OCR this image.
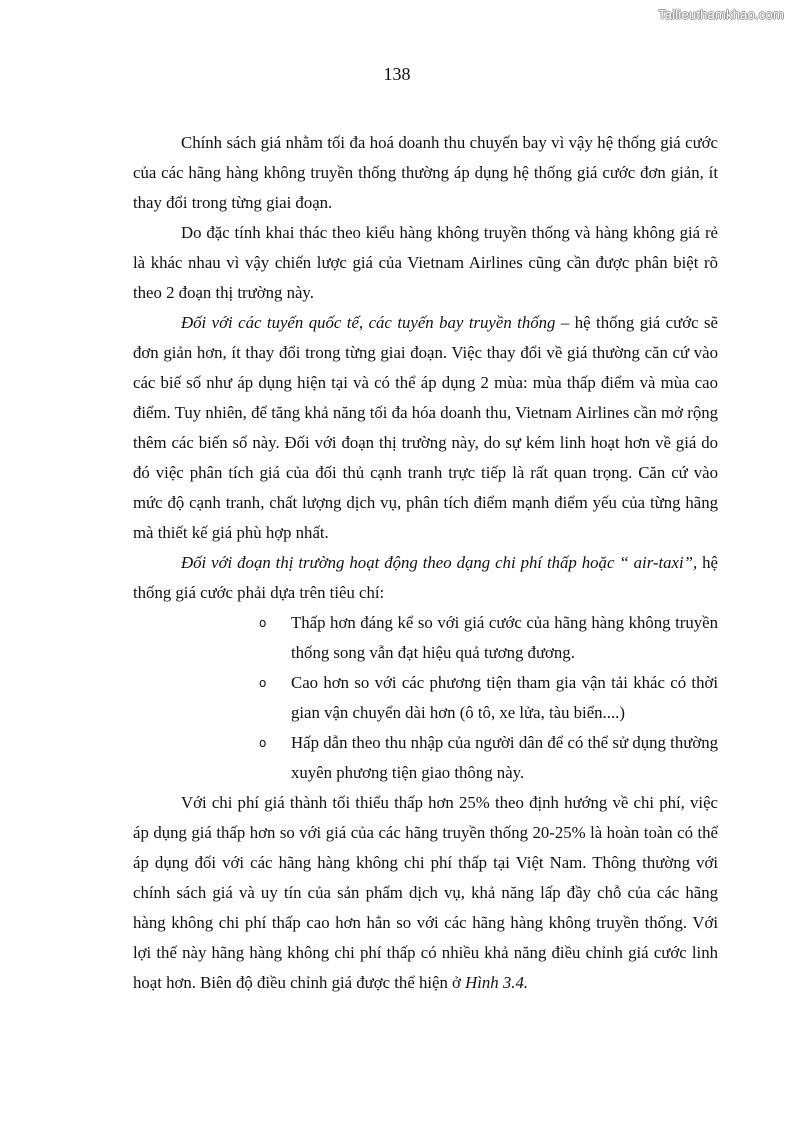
Tailieuthamkhao.com
138

Chính sách giá nhằm tối đa hoá doanh thu chuyến bay vì vậy hệ thống giá cước của các hãng hàng không truyền thống thường áp dụng hệ thống giá cước đơn giản, ít thay đổi trong từng giai đoạn.

Do đặc tính khai thác theo kiểu hàng không truyền thống và hàng không giá rẻ là khác nhau vì vậy chiến lược giá của Vietnam Airlines cũng cần được phân biệt rõ theo 2 đoạn thị trường này.

Đối với các tuyến quốc tế, các tuyến bay truyền thống – hệ thống giá cước sẽ đơn giản hơn, ít thay đổi trong từng giai đoạn. Việc thay đổi về giá thường căn cứ vào các biế số như áp dụng hiện tại và có thể áp dụng 2 mùa: mùa thấp điểm và mùa cao điểm. Tuy nhiên, để tăng khả năng tối đa hóa doanh thu, Vietnam Airlines cần mở rộng thêm các biến số này. Đối với đoạn thị trường này, do sự kém linh hoạt hơn về giá do đó việc phân tích giá của đối thủ cạnh tranh trực tiếp là rất quan trọng. Căn cứ vào mức độ cạnh tranh, chất lượng dịch vụ, phân tích điểm mạnh điểm yếu của từng hãng mà thiết kế giá phù hợp nhất.

Đối với đoạn thị trường hoạt động theo dạng chi phí thấp hoặc “ air-taxi”, hệ thống giá cước phải dựa trên tiêu chí:

o Thấp hơn đáng kể so với giá cước của hãng hàng không truyền thống song vẫn đạt hiệu quả tương đương.
o Cao hơn so với các phương tiện tham gia vận tải khác có thời gian vận chuyển dài hơn (ô tô, xe lửa, tàu biển....)
o Hấp dẫn theo thu nhập của người dân để có thể sử dụng thường xuyên phương tiện giao thông này.

Với chi phí giá thành tối thiểu thấp hơn 25% theo định hướng về chi phí, việc áp dụng giá thấp hơn so với giá của các hãng truyền thống 20-25% là hoàn toàn có thể áp dụng đối với các hãng hàng không chi phí thấp tại Việt Nam. Thông thường với chính sách giá và uy tín của sản phẩm dịch vụ, khả năng lấp đầy chỗ của các hãng hàng không chi phí thấp cao hơn hẳn so với các hãng hàng không truyền thống. Với lợi thế này hãng hàng không chi phí thấp có nhiều khả năng điều chỉnh giá cước linh hoạt hơn. Biên độ điều chỉnh giá được thể hiện ở Hình 3.4.
